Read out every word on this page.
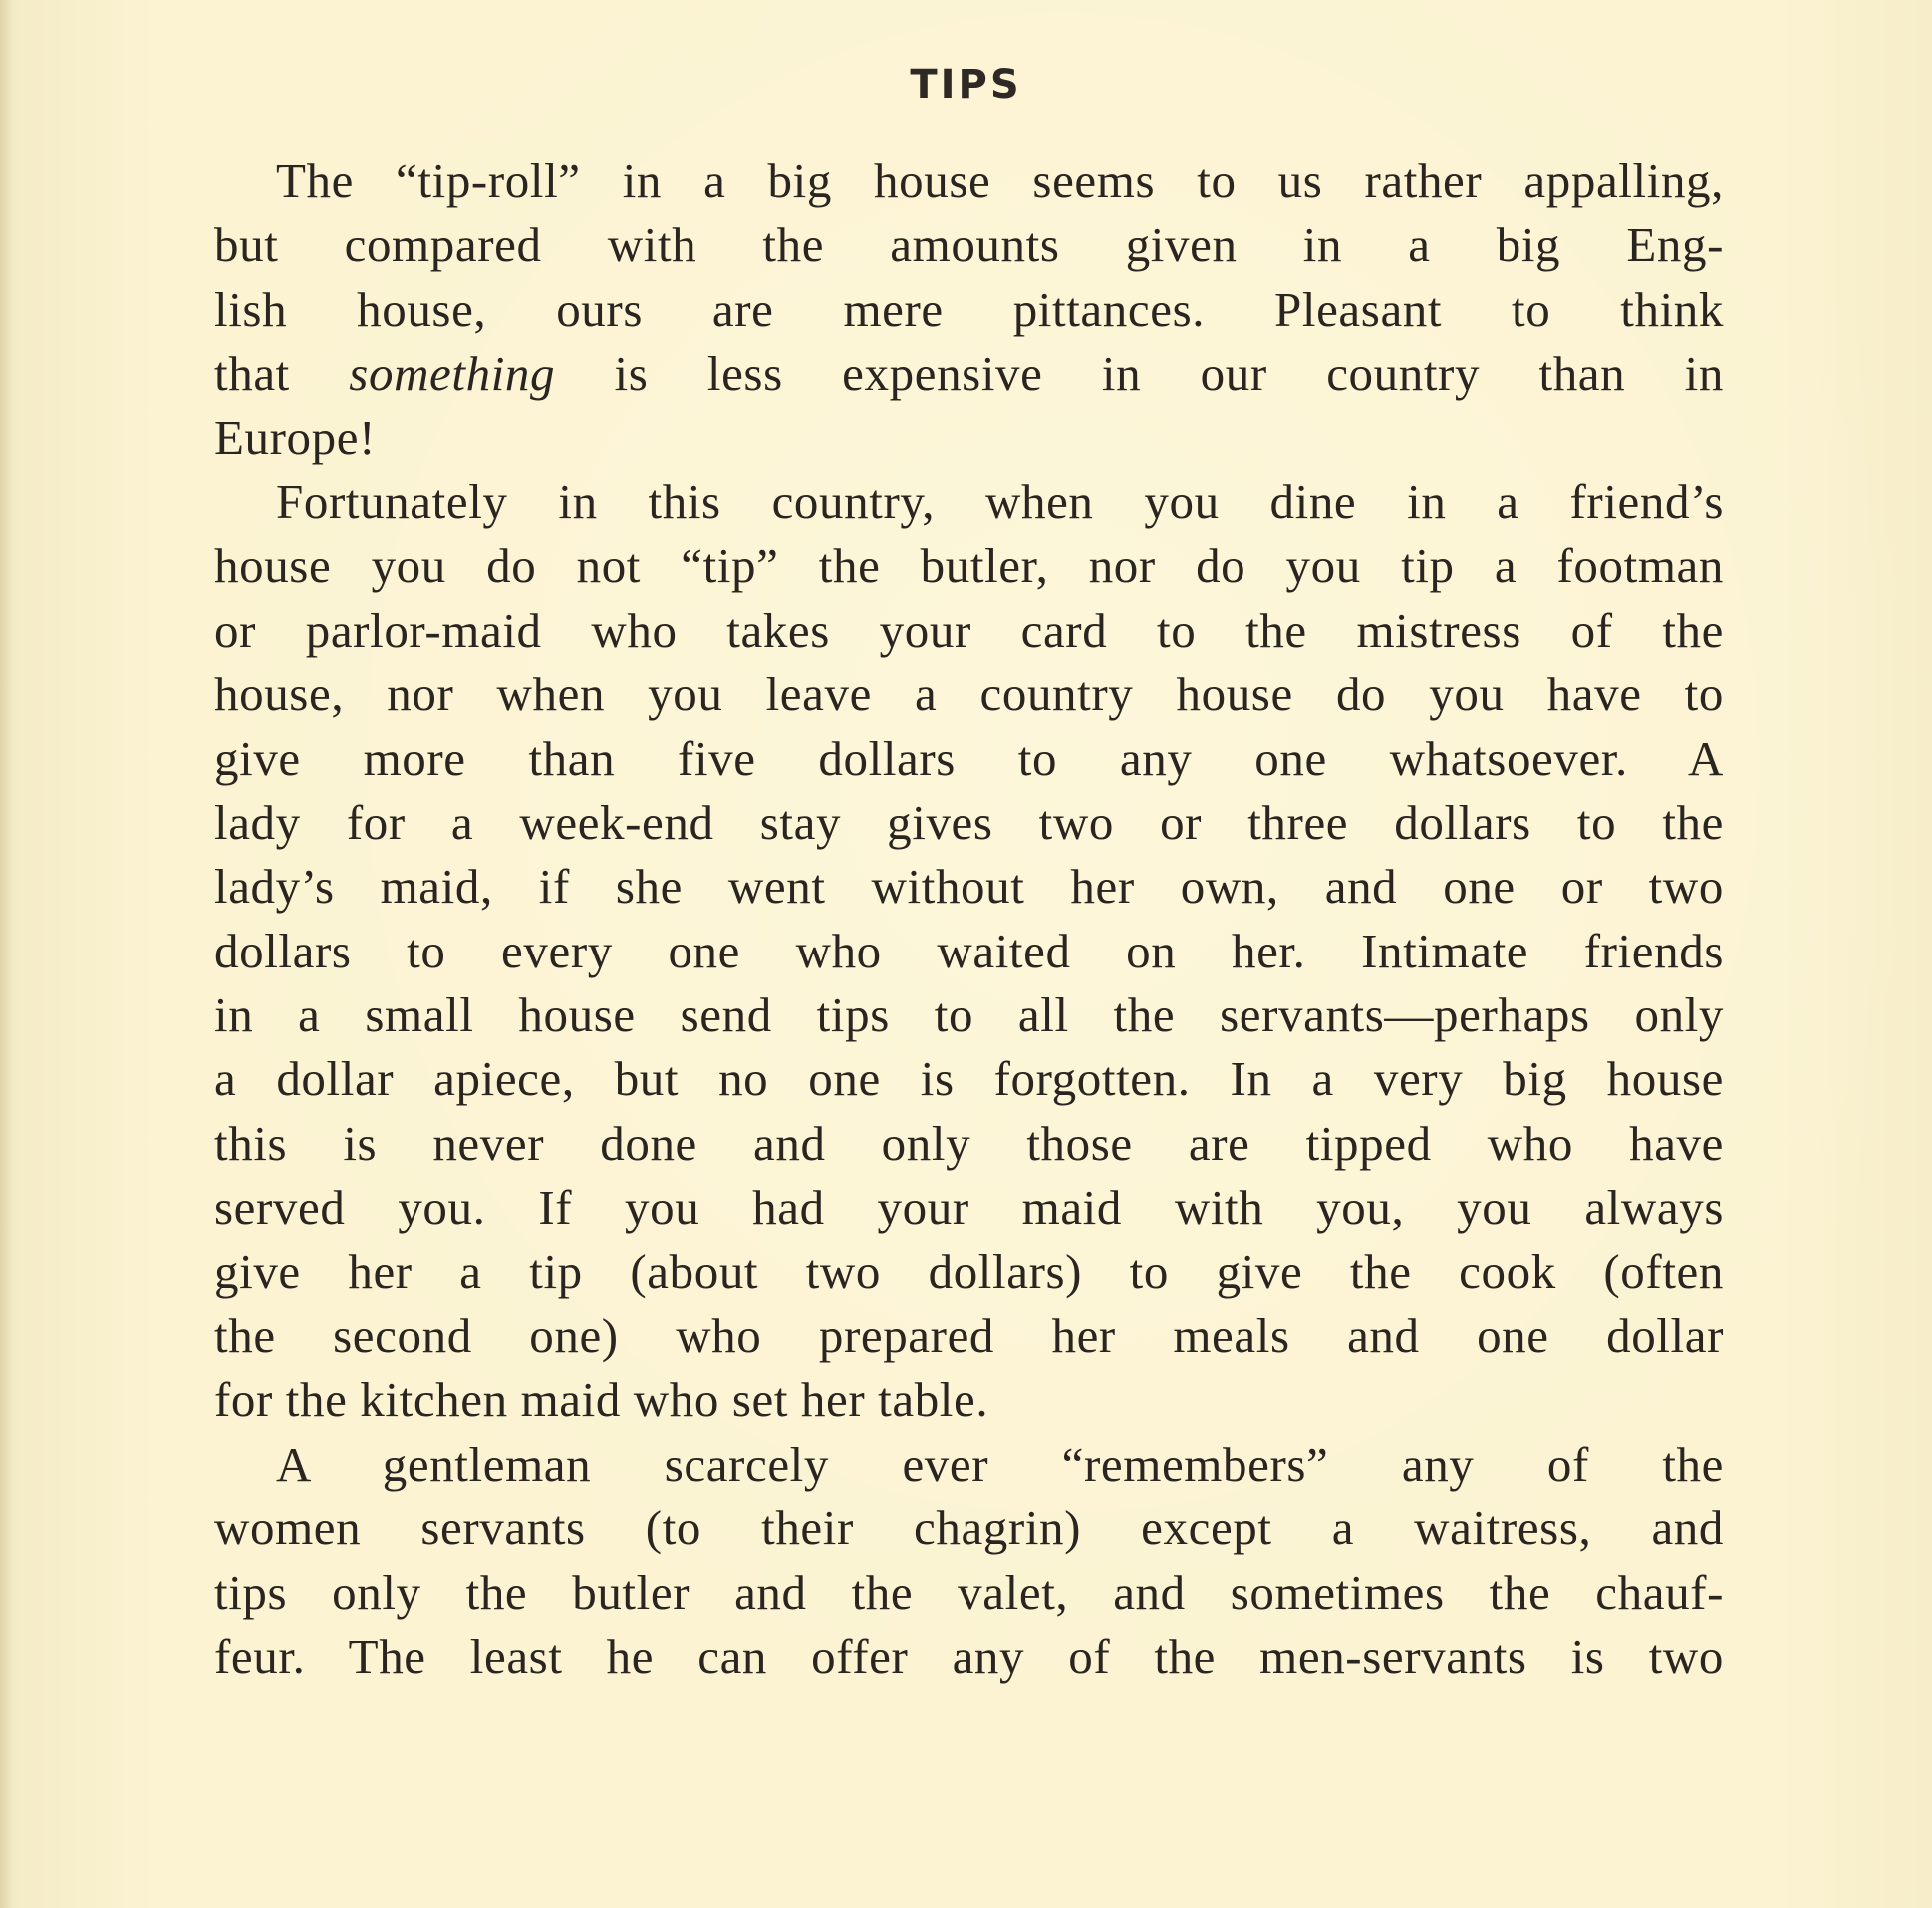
TIPS
The “tip-roll” in a big house seems to us rather appalling,
but compared with the amounts given in a big Eng-
lish house, ours are mere pittances. Pleasant to think
that something is less expensive in our country than in
Europe!
Fortunately in this country, when you dine in a friend’s
house you do not “tip” the butler, nor do you tip a footman
or parlor-maid who takes your card to the mistress of the
house, nor when you leave a country house do you have to
give more than five dollars to any one whatsoever. A
lady for a week-end stay gives two or three dollars to the
lady’s maid, if she went without her own, and one or two
dollars to every one who waited on her. Intimate friends
in a small house send tips to all the servants—perhaps only
a dollar apiece, but no one is forgotten. In a very big house
this is never done and only those are tipped who have
served you. If you had your maid with you, you always
give her a tip (about two dollars) to give the cook (often
the second one) who prepared her meals and one dollar
for the kitchen maid who set her table.
A gentleman scarcely ever “remembers” any of the
women servants (to their chagrin) except a waitress, and
tips only the butler and the valet, and sometimes the chauf-
feur. The least he can offer any of the men-servants is two
